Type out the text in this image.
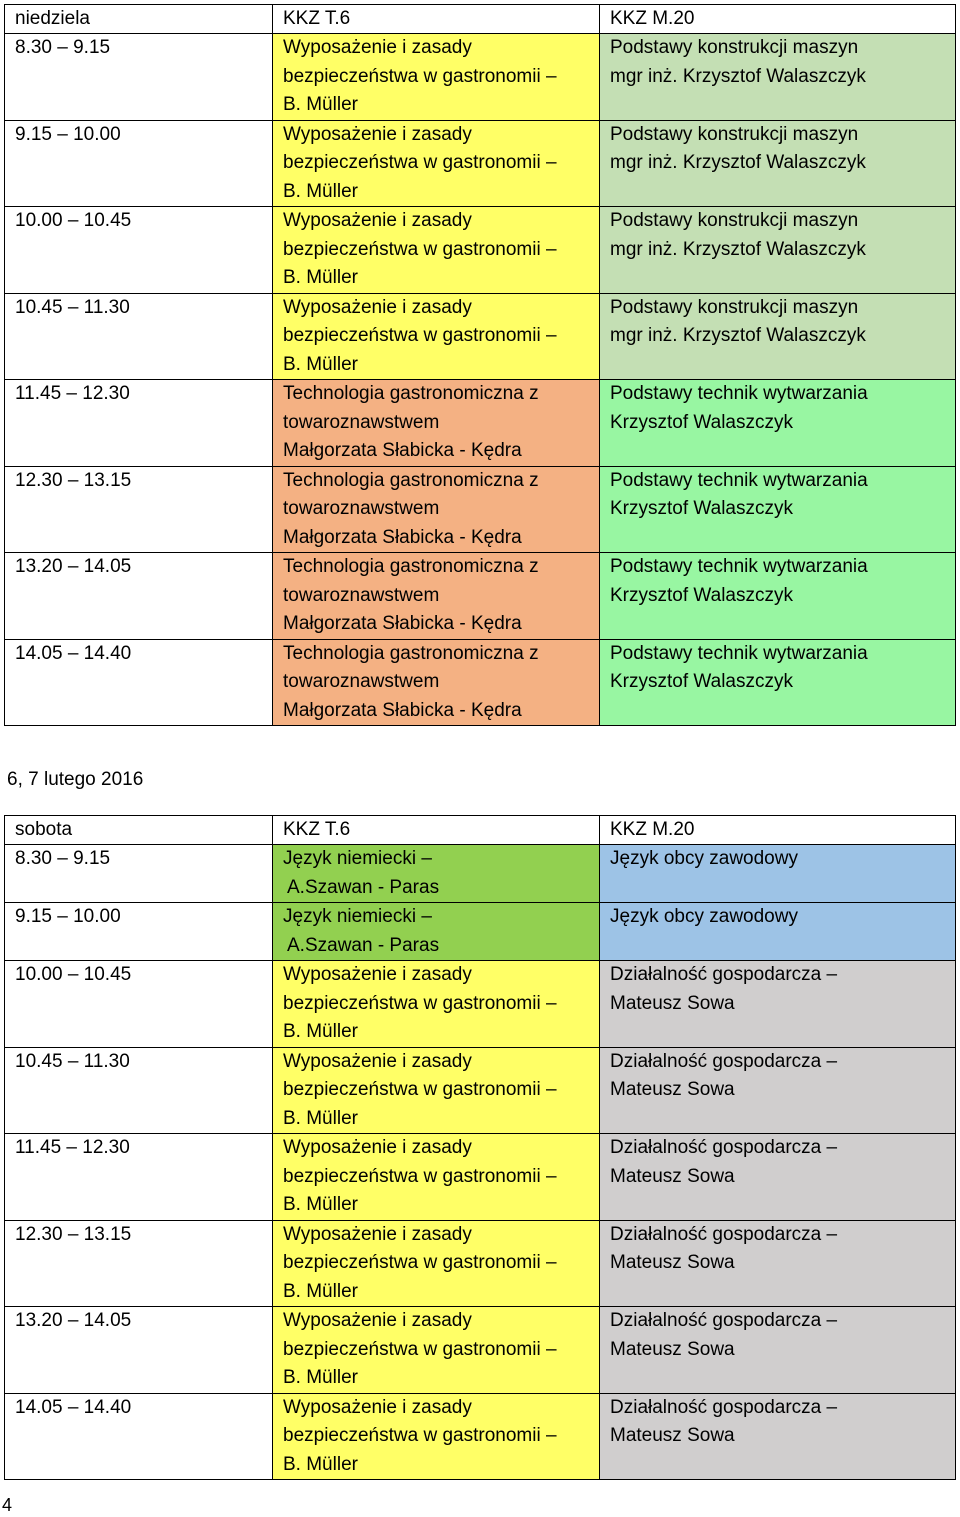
niedziela	KKZ T.6	KKZ M.20
8.30 – 9.15	Wyposażenie i zasady
bezpieczeństwa w gastronomii –
B. Müller	Podstawy konstrukcji maszyn
mgr inż. Krzysztof Walaszczyk

9.15 – 10.00	Wyposażenie i zasady
bezpieczeństwa w gastronomii –
B. Müller	Podstawy konstrukcji maszyn
mgr inż. Krzysztof Walaszczyk

10.00 – 10.45	Wyposażenie i zasady
bezpieczeństwa w gastronomii –
B. Müller	Podstawy konstrukcji maszyn
mgr inż. Krzysztof Walaszczyk

10.45 – 11.30	Wyposażenie i zasady
bezpieczeństwa w gastronomii –
B. Müller	Podstawy konstrukcji maszyn
mgr inż. Krzysztof Walaszczyk

11.45 – 12.30	Technologia gastronomiczna z
towaroznawstwem
Małgorzata Słabicka - Kędra	Podstawy technik wytwarzania
Krzysztof Walaszczyk

12.30 – 13.15	Technologia gastronomiczna z
towaroznawstwem
Małgorzata Słabicka - Kędra	Podstawy technik wytwarzania
Krzysztof Walaszczyk

13.20 – 14.05	Technologia gastronomiczna z
towaroznawstwem
Małgorzata Słabicka - Kędra	Podstawy technik wytwarzania
Krzysztof Walaszczyk

14.05 – 14.40	Technologia gastronomiczna z
towaroznawstwem
Małgorzata Słabicka - Kędra	Podstawy technik wytwarzania
Krzysztof Walaszczyk
6, 7 lutego 2016
sobota	KKZ T.6	KKZ M.20
8.30 – 9.15	Język niemiecki –
A.Szawan - Paras	Język obcy zawodowy

9.15 – 10.00	Język niemiecki –
A.Szawan - Paras	Język obcy zawodowy

10.00 – 10.45	Wyposażenie i zasady
bezpieczeństwa w gastronomii –
B. Müller	Działalność gospodarcza –
Mateusz Sowa

10.45 – 11.30	Wyposażenie i zasady
bezpieczeństwa w gastronomii –
B. Müller	Działalność gospodarcza –
Mateusz Sowa

11.45 – 12.30	Wyposażenie i zasady
bezpieczeństwa w gastronomii –
B. Müller	Działalność gospodarcza –
Mateusz Sowa

12.30 – 13.15	Wyposażenie i zasady
bezpieczeństwa w gastronomii –
B. Müller	Działalność gospodarcza –
Mateusz Sowa

13.20 – 14.05	Wyposażenie i zasady
bezpieczeństwa w gastronomii –
B. Müller	Działalność gospodarcza –
Mateusz Sowa

14.05 – 14.40	Wyposażenie i zasady
bezpieczeństwa w gastronomii –
B. Müller	Działalność gospodarcza –
Mateusz Sowa
4
